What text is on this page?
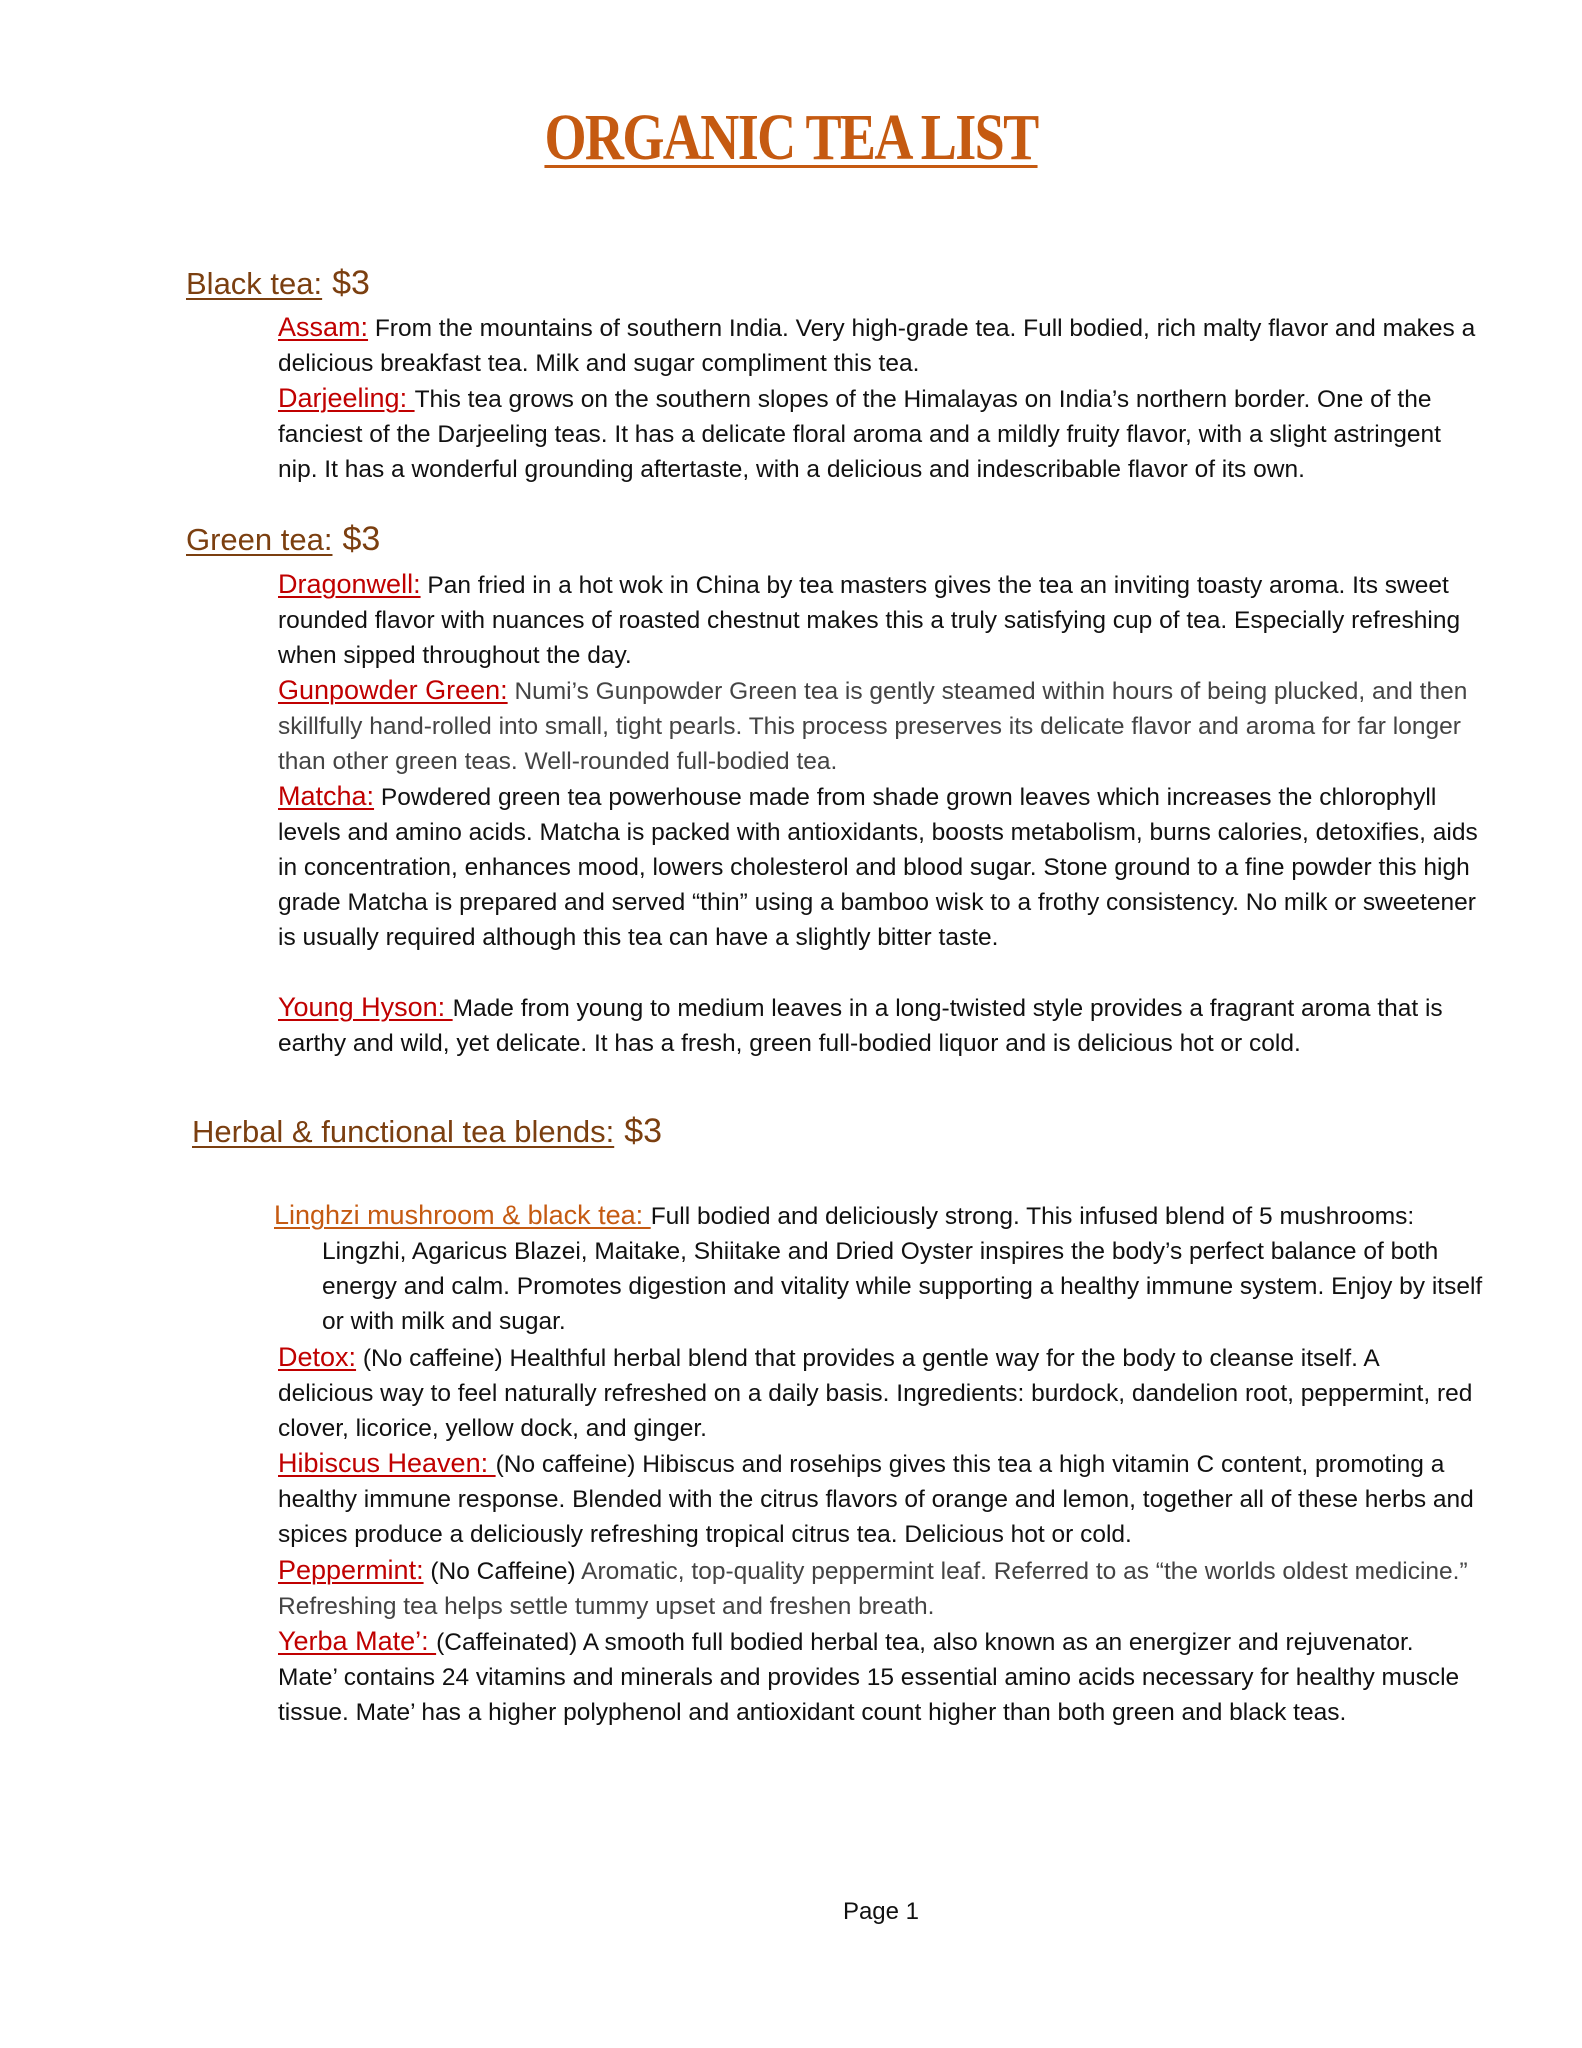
ORGANIC TEA LIST
Black tea: $3
Assam: From the mountains of southern India. Very high-grade tea. Full bodied, rich malty flavor and makes a delicious breakfast tea. Milk and sugar compliment this tea.
Darjeeling: This tea grows on the southern slopes of the Himalayas on India’s northern border. One of the fanciest of the Darjeeling teas. It has a delicate floral aroma and a mildly fruity flavor, with a slight astringent nip. It has a wonderful grounding aftertaste, with a delicious and indescribable flavor of its own.
Green tea: $3
Dragonwell: Pan fried in a hot wok in China by tea masters gives the tea an inviting toasty aroma. Its sweet rounded flavor with nuances of roasted chestnut makes this a truly satisfying cup of tea. Especially refreshing when sipped throughout the day.
Gunpowder Green: Numi’s Gunpowder Green tea is gently steamed within hours of being plucked, and then skillfully hand-rolled into small, tight pearls. This process preserves its delicate flavor and aroma for far longer than other green teas. Well-rounded full-bodied tea.
Matcha: Powdered green tea powerhouse made from shade grown leaves which increases the chlorophyll levels and amino acids. Matcha is packed with antioxidants, boosts metabolism, burns calories, detoxifies, aids in concentration, enhances mood, lowers cholesterol and blood sugar. Stone ground to a fine powder this high grade Matcha is prepared and served “thin” using a bamboo wisk to a frothy consistency. No milk or sweetener is usually required although this tea can have a slightly bitter taste.
Young Hyson: Made from young to medium leaves in a long-twisted style provides a fragrant aroma that is earthy and wild, yet delicate. It has a fresh, green full-bodied liquor and is delicious hot or cold.
Herbal & functional tea blends: $3
Linghzi mushroom & black tea: Full bodied and deliciously strong. This infused blend of 5 mushrooms:
Lingzhi, Agaricus Blazei, Maitake, Shiitake and Dried Oyster inspires the body’s perfect balance of both energy and calm. Promotes digestion and vitality while supporting a healthy immune system. Enjoy by itself or with milk and sugar.
Detox: (No caffeine) Healthful herbal blend that provides a gentle way for the body to cleanse itself. A delicious way to feel naturally refreshed on a daily basis. Ingredients: burdock, dandelion root, peppermint, red clover, licorice, yellow dock, and ginger.
Hibiscus Heaven: (No caffeine) Hibiscus and rosehips gives this tea a high vitamin C content, promoting a healthy immune response. Blended with the citrus flavors of orange and lemon, together all of these herbs and spices produce a deliciously refreshing tropical citrus tea. Delicious hot or cold.
Peppermint: (No Caffeine) Aromatic, top-quality peppermint leaf. Referred to as “the worlds oldest medicine.” Refreshing tea helps settle tummy upset and freshen breath.
Yerba Mate’: (Caffeinated) A smooth full bodied herbal tea, also known as an energizer and rejuvenator. Mate’ contains 24 vitamins and minerals and provides 15 essential amino acids necessary for healthy muscle tissue. Mate’ has a higher polyphenol and antioxidant count higher than both green and black teas.
Page 1
